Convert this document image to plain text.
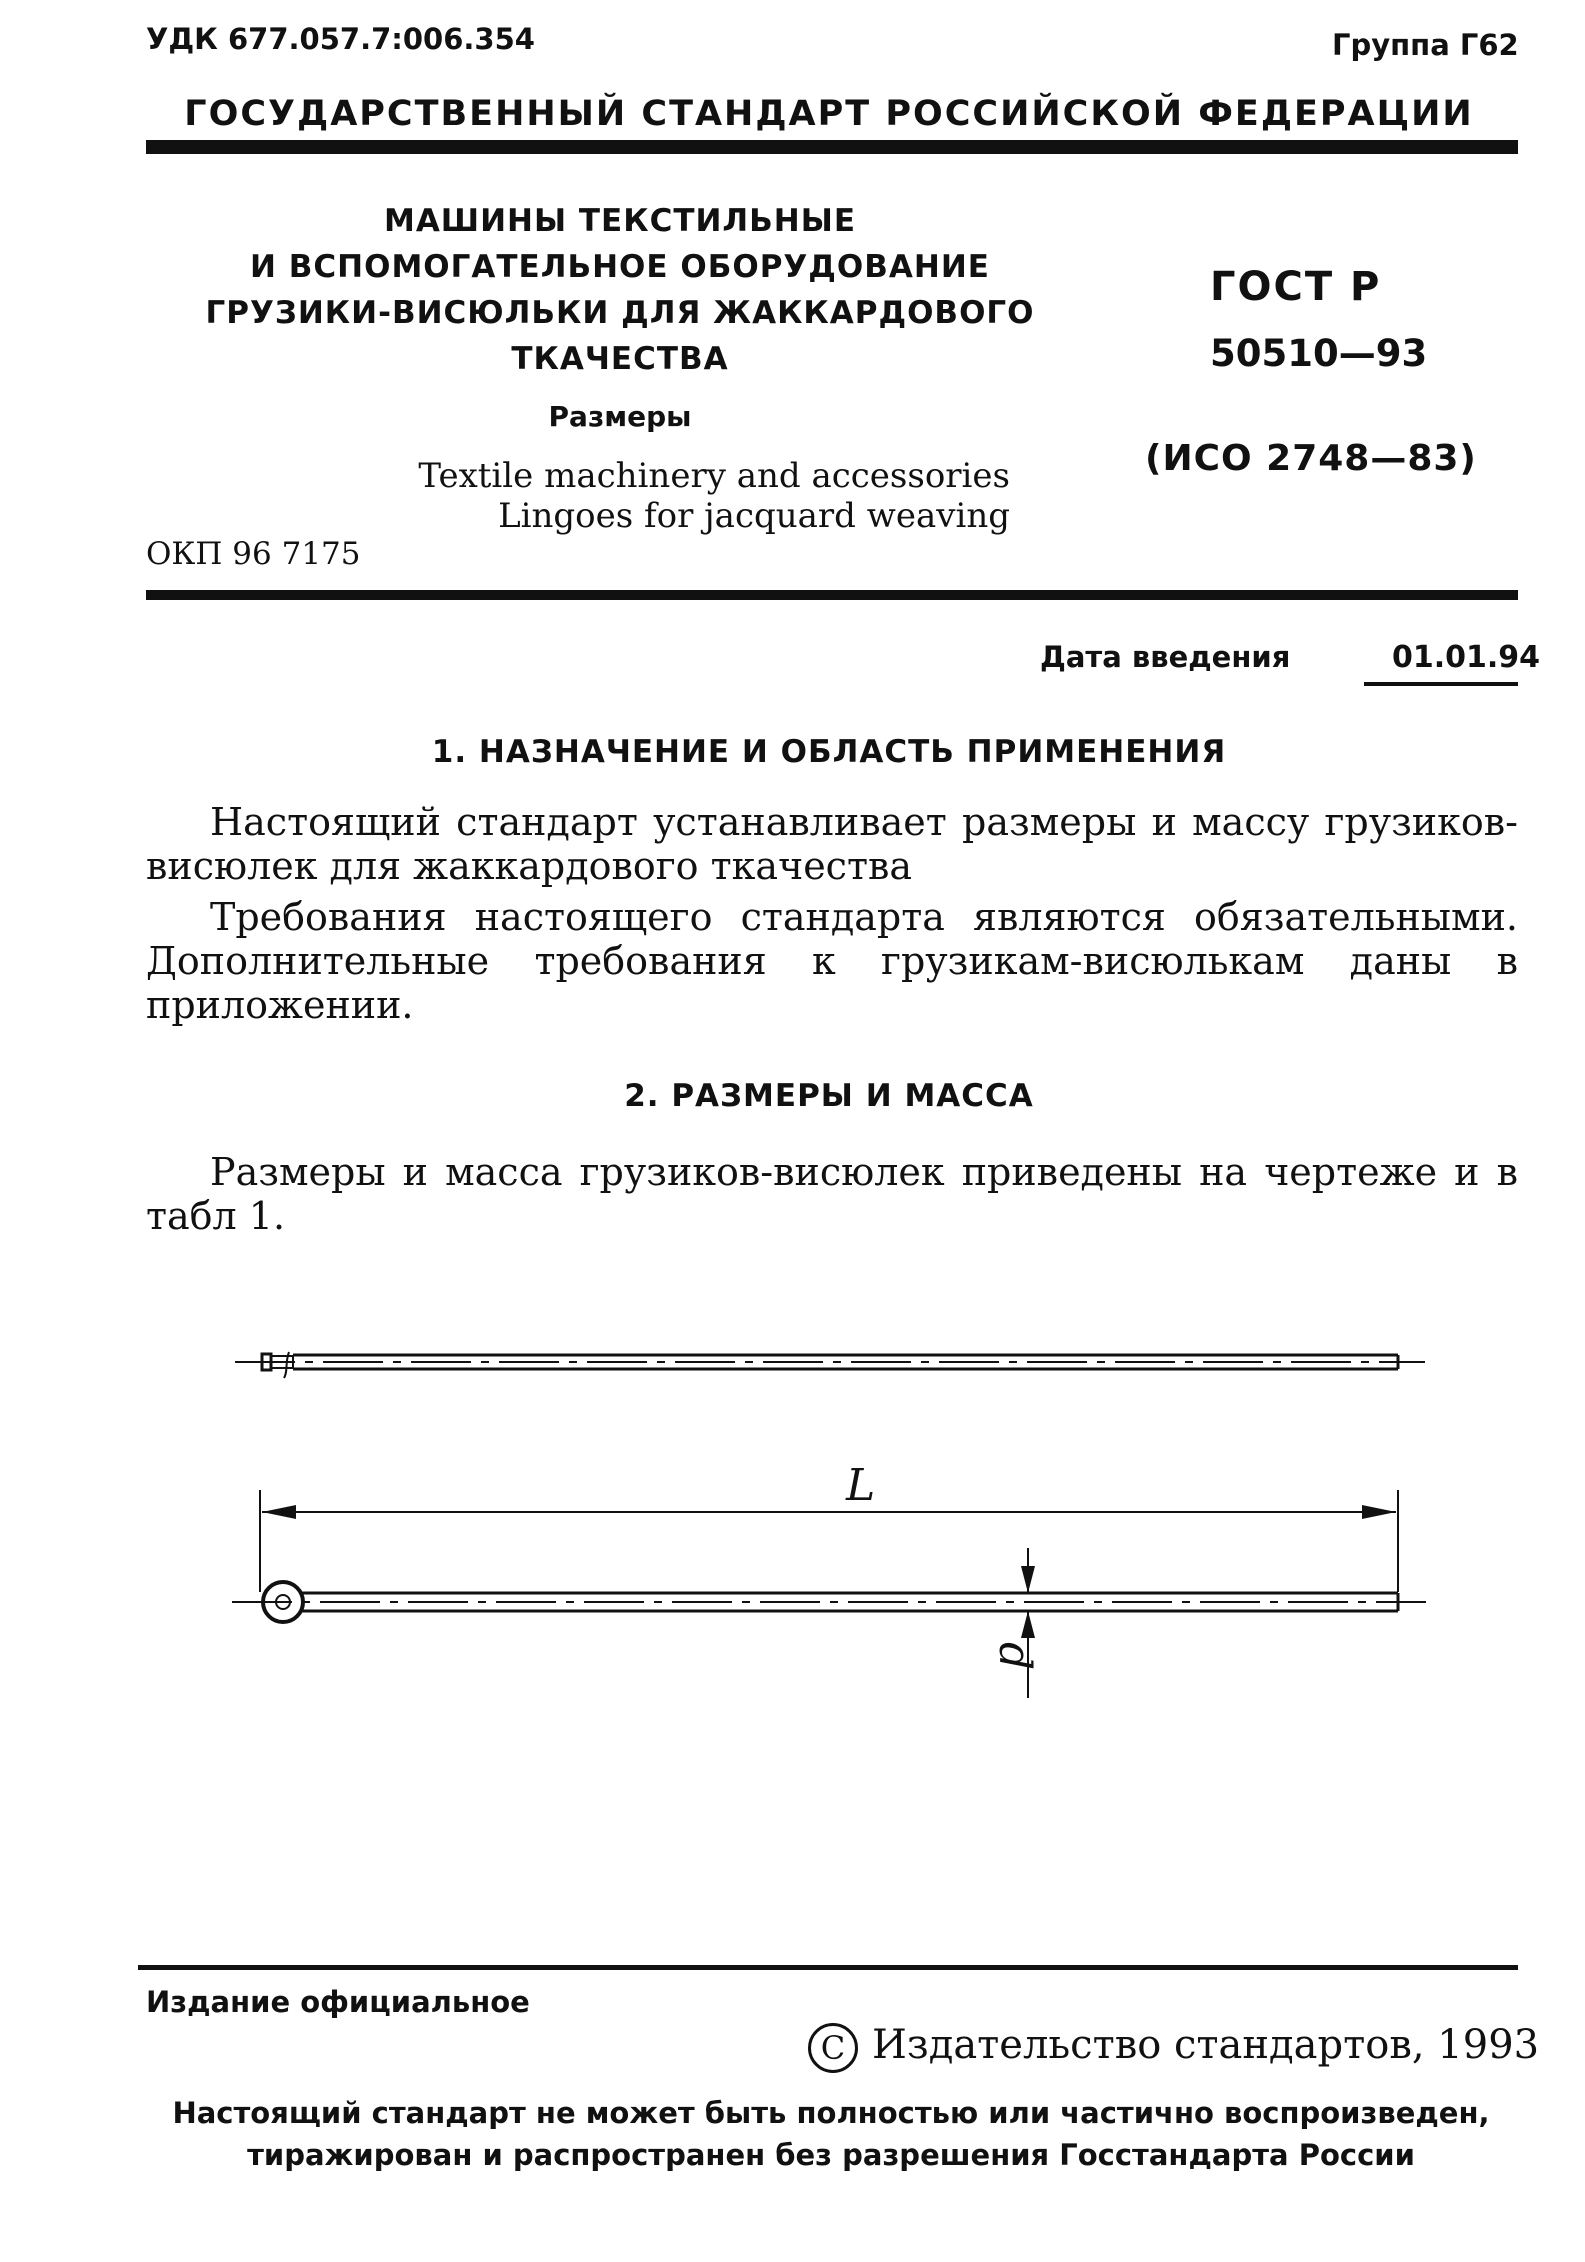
УДК 677.057.7:006.354	Группа Г62
ГОСУДАРСТВЕННЫЙ СТАНДАРТ РОССИЙСКОЙ ФЕДЕРАЦИИ
МАШИНЫ ТЕКСТИЛЬНЫЕ
И ВСПОМОГАТЕЛЬНОЕ ОБОРУДОВАНИЕ
ГРУЗИКИ-ВИСЮЛЬКИ ДЛЯ ЖАККАРДОВОГО
ТКАЧЕСТВА
Размеры
Textile machinery and accessories
Lingoes for jacquard weaving
ОКП 96 7175
ГОСТ Р
50510—93
(ИСО 2748—83)
Дата введения	01.01.94
1. НАЗНАЧЕНИЕ И ОБЛАСТЬ ПРИМЕНЕНИЯ
Настоящий стандарт устанавливает размеры и массу грузиков-висюлек для жаккардового ткачества
Требования настоящего стандарта являются обязательными. Дополнительные требования к грузикам-висюлькам даны в приложении.
2. РАЗМЕРЫ И МАССА
Размеры и масса грузиков-висюлек приведены на чертеже и в табл 1.
L
d
Издание официальное
C Издательство стандартов, 1993
Настоящий стандарт не может быть полностью или частично воспроизведен,
тиражирован и распространен без разрешения Госстандарта России
